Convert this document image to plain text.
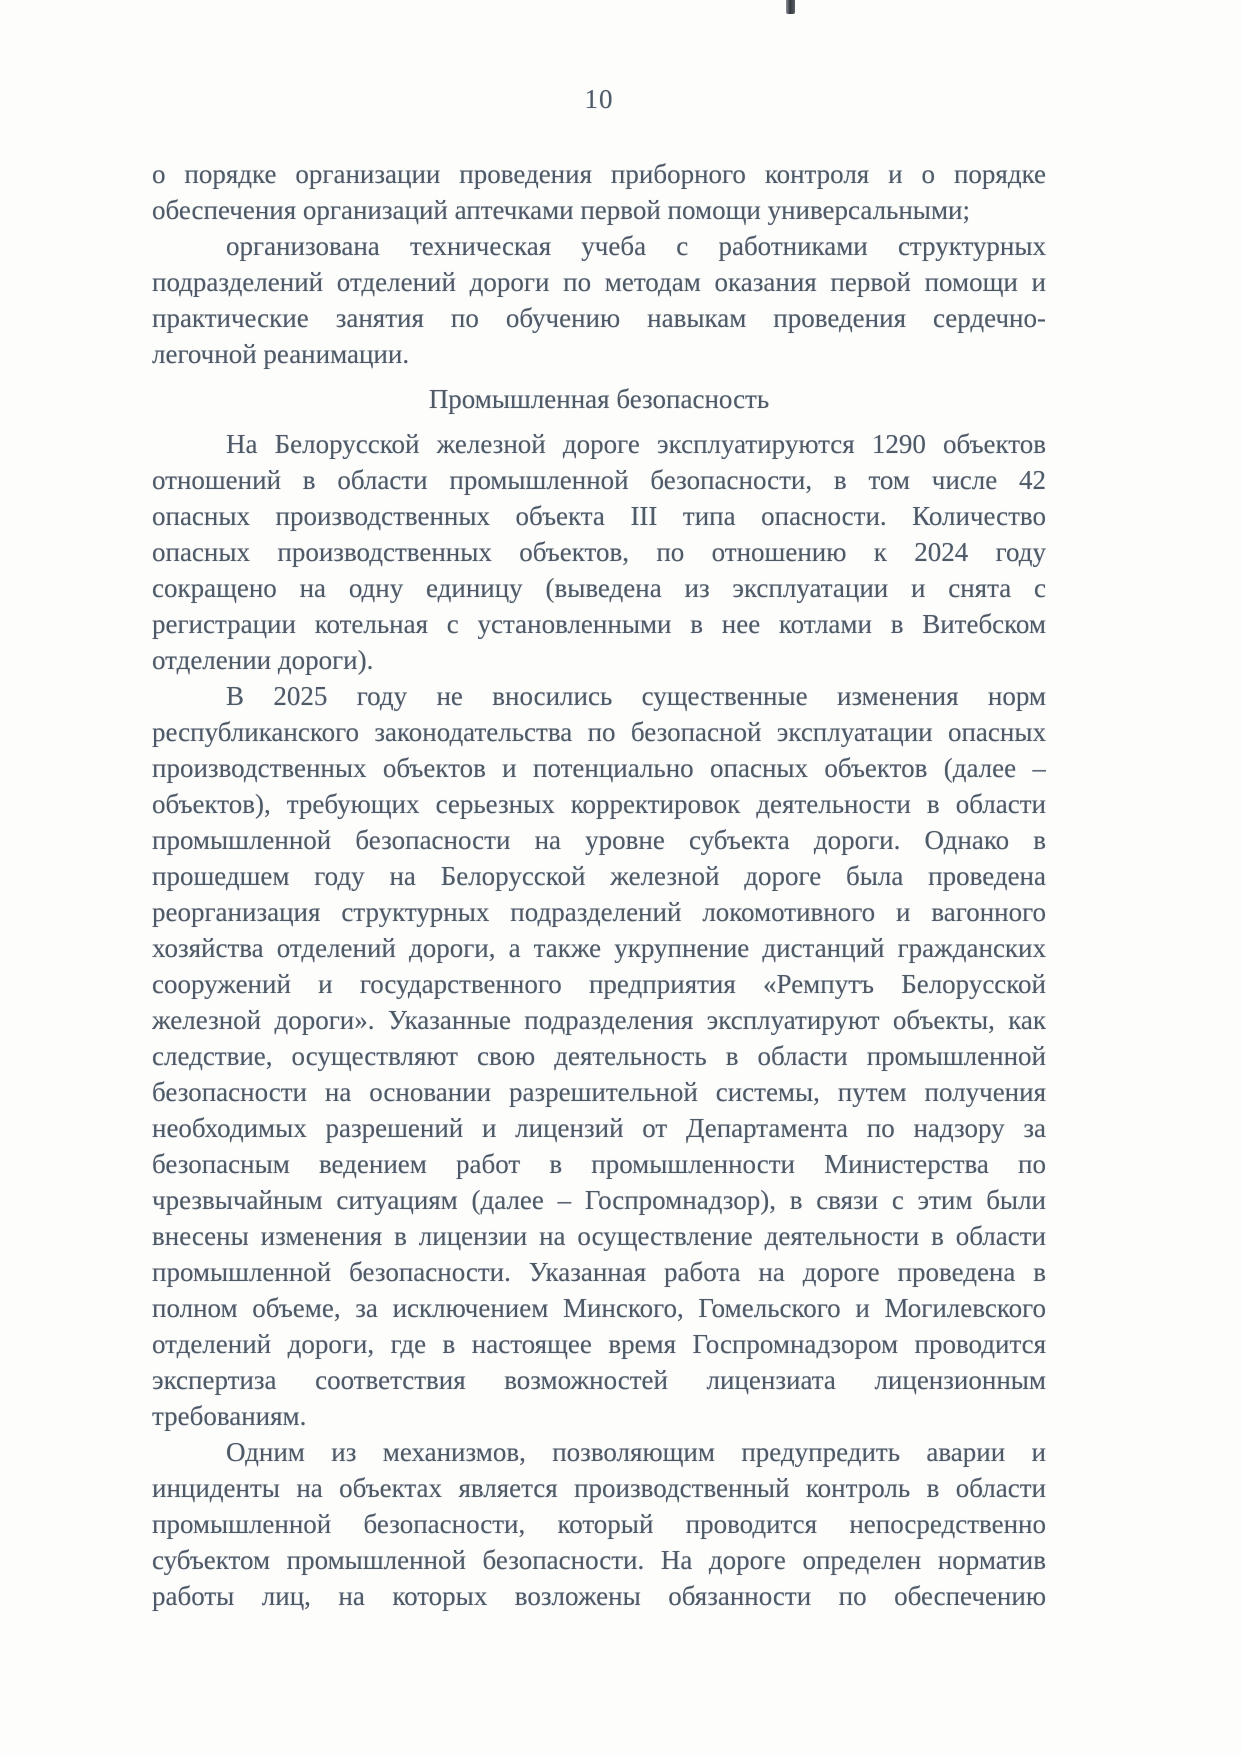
10
о порядке организации проведения приборного контроля и о порядке
обеспечения организаций аптечками первой помощи универсальными;
организована техническая учеба с работниками структурных
подразделений отделений дороги по методам оказания первой помощи и
практические занятия по обучению навыкам проведения сердечно-
легочной реанимации.
Промышленная безопасность
На Белорусской железной дороге эксплуатируются 1290 объектов
отношений в области промышленной безопасности, в том числе 42
опасных производственных объекта III типа опасности. Количество
опасных производственных объектов, по отношению к 2024 году
сокращено на одну единицу (выведена из эксплуатации и снята с
регистрации котельная с установленными в нее котлами в Витебском
отделении дороги).
В 2025 году не вносились существенные изменения норм
республиканского законодательства по безопасной эксплуатации опасных
производственных объектов и потенциально опасных объектов (далее –
объектов), требующих серьезных корректировок деятельности в области
промышленной безопасности на уровне субъекта дороги. Однако в
прошедшем году на Белорусской железной дороге была проведена
реорганизация структурных подразделений локомотивного и вагонного
хозяйства отделений дороги, а также укрупнение дистанций гражданских
сооружений и государственного предприятия «Ремпутъ Белорусской
железной дороги». Указанные подразделения эксплуатируют объекты, как
следствие, осуществляют свою деятельность в области промышленной
безопасности на основании разрешительной системы, путем получения
необходимых разрешений и лицензий от Департамента по надзору за
безопасным ведением работ в промышленности Министерства по
чрезвычайным ситуациям (далее – Госпромнадзор), в связи с этим были
внесены изменения в лицензии на осуществление деятельности в области
промышленной безопасности. Указанная работа на дороге проведена в
полном объеме, за исключением Минского, Гомельского и Могилевского
отделений дороги, где в настоящее время Госпромнадзором проводится
экспертиза соответствия возможностей лицензиата лицензионным
требованиям.
Одним из механизмов, позволяющим предупредить аварии и
инциденты на объектах является производственный контроль в области
промышленной безопасности, который проводится непосредственно
субъектом промышленной безопасности. На дороге определен норматив
работы лиц, на которых возложены обязанности по обеспечению
